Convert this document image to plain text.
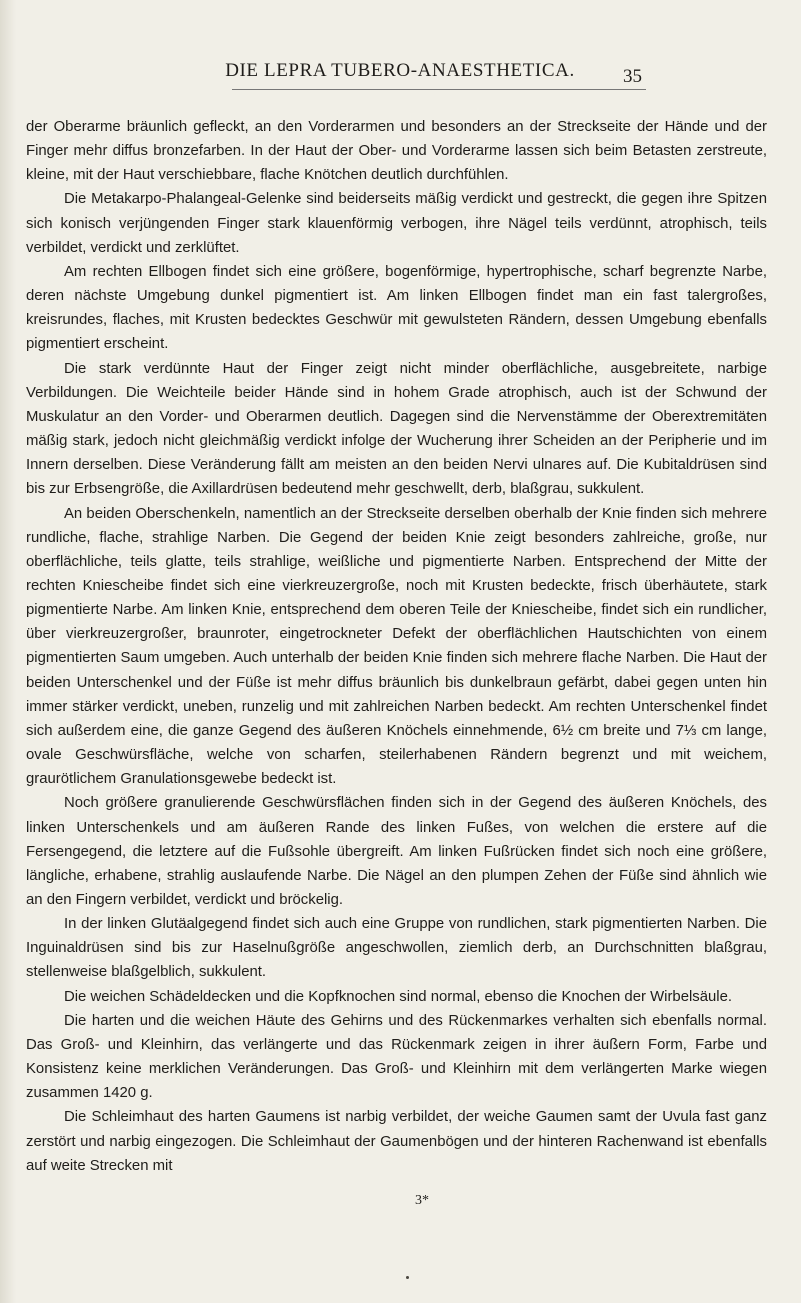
DIE LEPRA TUBERO-ANAESTHETICA.	35

der Oberarme bräunlich gefleckt, an den Vorderarmen und besonders an der Streckseite der Hände und der Finger mehr diffus bronzefarben. In der Haut der Ober- und Vorderarme lassen sich beim Betasten zerstreute, kleine, mit der Haut verschiebbare, flache Knötchen deutlich durchfühlen.

Die Metakarpo-Phalangeal-Gelenke sind beiderseits mäßig verdickt und gestreckt, die gegen ihre Spitzen sich konisch verjüngenden Finger stark klauenförmig verbogen, ihre Nägel teils verdünnt, atrophisch, teils verbildet, verdickt und zerklüftet.

Am rechten Ellbogen findet sich eine größere, bogenförmige, hypertrophische, scharf begrenzte Narbe, deren nächste Umgebung dunkel pigmentiert ist. Am linken Ellbogen findet man ein fast talergroßes, kreisrundes, flaches, mit Krusten bedecktes Geschwür mit gewulsteten Rändern, dessen Umgebung ebenfalls pigmentiert erscheint.

Die stark verdünnte Haut der Finger zeigt nicht minder oberflächliche, ausgebreitete, narbige Verbildungen. Die Weichteile beider Hände sind in hohem Grade atrophisch, auch ist der Schwund der Muskulatur an den Vorder- und Oberarmen deutlich. Dagegen sind die Nervenstämme der Oberextremitäten mäßig stark, jedoch nicht gleichmäßig verdickt infolge der Wucherung ihrer Scheiden an der Peripherie und im Innern derselben. Diese Veränderung fällt am meisten an den beiden Nervi ulnares auf. Die Kubitaldrüsen sind bis zur Erbsengröße, die Axillardrüsen bedeutend mehr geschwellt, derb, blaßgrau, sukkulent.

An beiden Oberschenkeln, namentlich an der Streckseite derselben oberhalb der Knie finden sich mehrere rundliche, flache, strahlige Narben. Die Gegend der beiden Knie zeigt besonders zahlreiche, große, nur oberflächliche, teils glatte, teils strahlige, weißliche und pigmentierte Narben. Entsprechend der Mitte der rechten Kniescheibe findet sich eine vierkreuzergroße, noch mit Krusten bedeckte, frisch überhäutete, stark pigmentierte Narbe. Am linken Knie, entsprechend dem oberen Teile der Kniescheibe, findet sich ein rundlicher, über vierkreuzergroßer, braunroter, eingetrockneter Defekt der oberflächlichen Hautschichten von einem pigmentierten Saum umgeben. Auch unterhalb der beiden Knie finden sich mehrere flache Narben. Die Haut der beiden Unterschenkel und der Füße ist mehr diffus bräunlich bis dunkelbraun gefärbt, dabei gegen unten hin immer stärker verdickt, uneben, runzelig und mit zahlreichen Narben bedeckt. Am rechten Unterschenkel findet sich außerdem eine, die ganze Gegend des äußeren Knöchels einnehmende, 6½ cm breite und 7⅓ cm lange, ovale Geschwürsfläche, welche von scharfen, steilerhabenen Rändern begrenzt und mit weichem, graurötlichem Granulationsgewebe bedeckt ist.

Noch größere granulierende Geschwürsflächen finden sich in der Gegend des äußeren Knöchels, des linken Unterschenkels und am äußeren Rande des linken Fußes, von welchen die erstere auf die Fersengegend, die letztere auf die Fußsohle übergreift. Am linken Fußrücken findet sich noch eine größere, längliche, erhabene, strahlig auslaufende Narbe. Die Nägel an den plumpen Zehen der Füße sind ähnlich wie an den Fingern verbildet, verdickt und bröckelig.

In der linken Glutäalgegend findet sich auch eine Gruppe von rundlichen, stark pigmentierten Narben. Die Inguinaldrüsen sind bis zur Haselnußgröße angeschwollen, ziemlich derb, an Durchschnitten blaßgrau, stellenweise blaßgelblich, sukkulent.

Die weichen Schädeldecken und die Kopfknochen sind normal, ebenso die Knochen der Wirbelsäule.

Die harten und die weichen Häute des Gehirns und des Rückenmarkes verhalten sich ebenfalls normal. Das Groß- und Kleinhirn, das verlängerte und das Rückenmark zeigen in ihrer äußern Form, Farbe und Konsistenz keine merklichen Veränderungen. Das Groß- und Kleinhirn mit dem verlängerten Marke wiegen zusammen 1420 g.

Die Schleimhaut des harten Gaumens ist narbig verbildet, der weiche Gaumen samt der Uvula fast ganz zerstört und narbig eingezogen. Die Schleimhaut der Gaumenbögen und der hinteren Rachenwand ist ebenfalls auf weite Strecken mit

3*
